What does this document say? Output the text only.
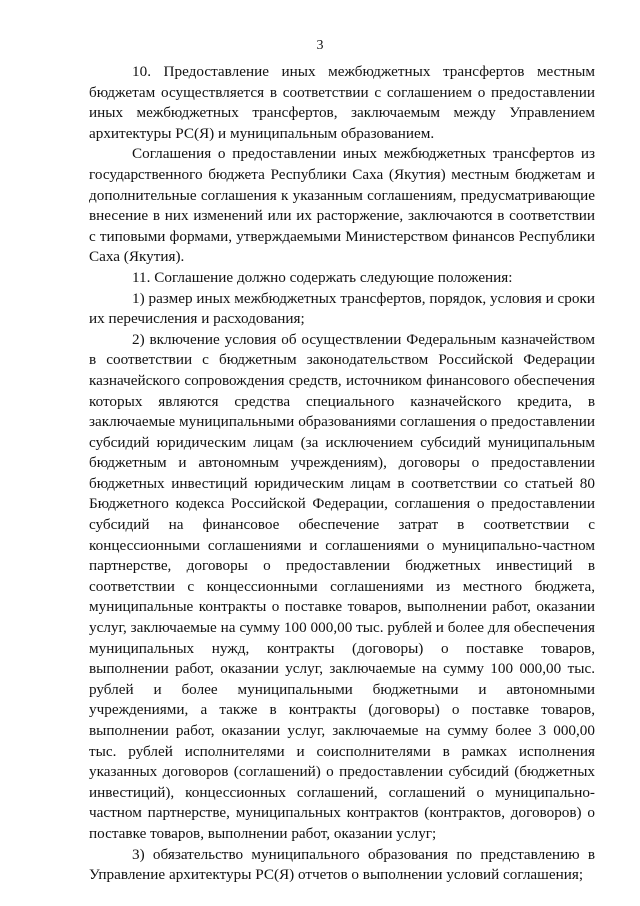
3

10. Предоставление иных межбюджетных трансфертов местным бюджетам осуществляется в соответствии с соглашением о предоставлении иных межбюджетных трансфертов, заключаемым между Управлением архитектуры РС(Я) и муниципальным образованием.

Соглашения о предоставлении иных межбюджетных трансфертов из государственного бюджета Республики Саха (Якутия) местным бюджетам и дополнительные соглашения к указанным соглашениям, предусматривающие внесение в них изменений или их расторжение, заключаются в соответствии с типовыми формами, утверждаемыми Министерством финансов Республики Саха (Якутия).

11. Соглашение должно содержать следующие положения:

1) размер иных межбюджетных трансфертов, порядок, условия и сроки их перечисления и расходования;

2) включение условия об осуществлении Федеральным казначейством в соответствии с бюджетным законодательством Российской Федерации казначейского сопровождения средств, источником финансового обеспечения которых являются средства специального казначейского кредита, в заключаемые муниципальными образованиями соглашения о предоставлении субсидий юридическим лицам (за исключением субсидий муниципальным бюджетным и автономным учреждениям), договоры о предоставлении бюджетных инвестиций юридическим лицам в соответствии со статьей 80 Бюджетного кодекса Российской Федерации, соглашения о предоставлении субсидий на финансовое обеспечение затрат в соответствии с концессионными соглашениями и соглашениями о муниципально-частном партнерстве, договоры о предоставлении бюджетных инвестиций в соответствии с концессионными соглашениями из местного бюджета, муниципальные контракты о поставке товаров, выполнении работ, оказании услуг, заключаемые на сумму 100 000,00 тыс. рублей и более для обеспечения муниципальных нужд, контракты (договоры) о поставке товаров, выполнении работ, оказании услуг, заключаемые на сумму 100 000,00 тыс. рублей и более муниципальными бюджетными и автономными учреждениями, а также в контракты (договоры) о поставке товаров, выполнении работ, оказании услуг, заключаемые на сумму более 3 000,00 тыс. рублей исполнителями и соисполнителями в рамках исполнения указанных договоров (соглашений) о предоставлении субсидий (бюджетных инвестиций), концессионных соглашений, соглашений о муниципально-частном партнерстве, муниципальных контрактов (контрактов, договоров) о поставке товаров, выполнении работ, оказании услуг;

3) обязательство муниципального образования по представлению в Управление архитектуры РС(Я) отчетов о выполнении условий соглашения;
